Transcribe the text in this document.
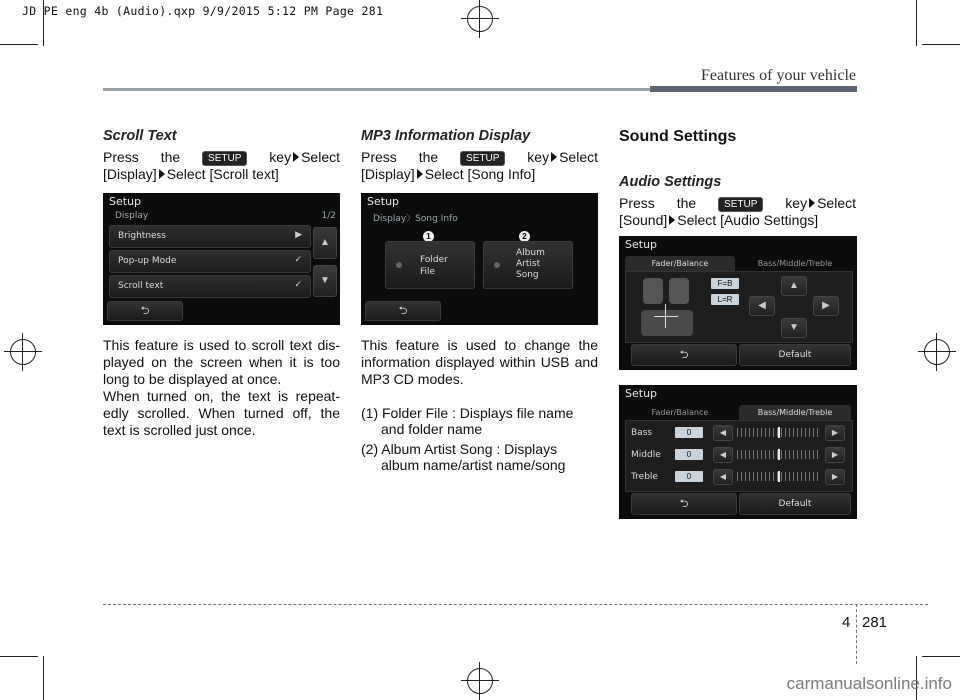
JD PE eng 4b (Audio).qxp 9/9/2015 5:12 PM Page 281
Features of your vehicle
Scroll Text
Press the	SETUP	key Select
[Display] Select [Scroll text]
Setup
Display	1/2
Brightness	▶
Pop-up Mode	✓
Scroll text	✓
▲
▼
⮌
This feature is used to scroll text dis-played on the screen when it is too long to be displayed at once.
When turned on, the text is repeat-edly scrolled. When turned off, the text is scrolled just once.
MP3 Information Display
Press the	SETUP	key Select
[Display] Select [Song Info]
Setup
Display〉Song Info
1	2
Folder
File
Album
Artist
Song
⮌
This feature is used to change the information displayed within USB and MP3 CD modes.
(1) Folder File : Displays file name
and folder name
(2) Album Artist Song : Displays
album name/artist name/song
Sound Settings
Audio Settings
Press the	SETUP	key Select
[Sound] Select [Audio Settings]
Setup
Fader/Balance	Bass/Middle/Treble
F=B
L=R
▲
◀	▶
▼
⮌	Default
Setup
Fader/Balance	Bass/Middle/Treble
Bass	0	◀	▶
Middle	0	◀	▶
Treble	0	◀	▶
⮌	Default
4 281
carmanualsonline.info
